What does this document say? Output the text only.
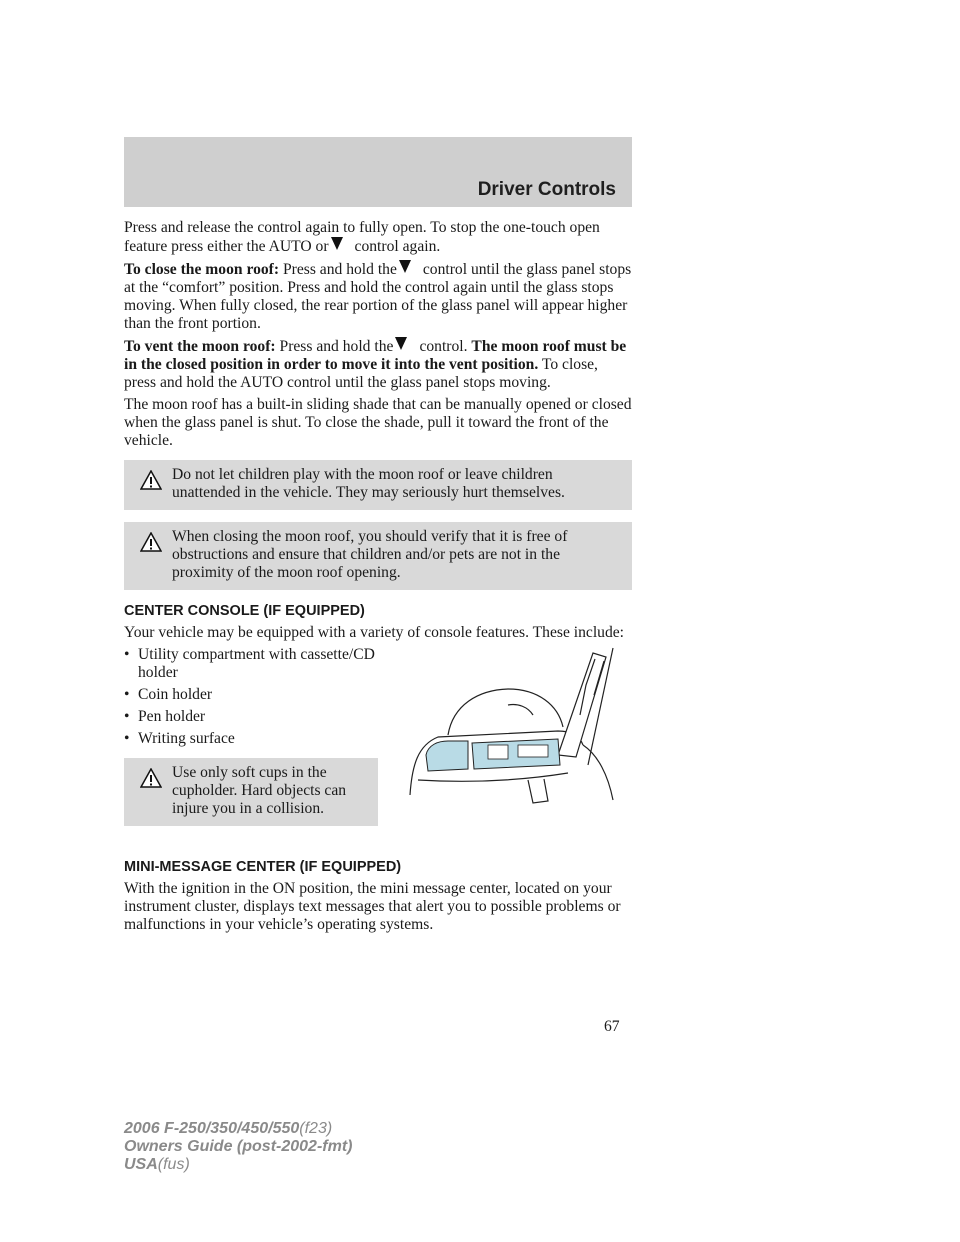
Driver Controls

Press and release the control again to fully open. To stop the one-touch open feature press either the AUTO or control again.

To close the moon roof: Press and hold the control until the glass panel stops at the “comfort” position. Press and hold the control again until the glass stops moving. When fully closed, the rear portion of the glass panel will appear higher than the front portion.

To vent the moon roof: Press and hold the control. The moon roof must be in the closed position in order to move it into the vent position. To close, press and hold the AUTO control until the glass panel stops moving.

The moon roof has a built-in sliding shade that can be manually opened or closed when the glass panel is shut. To close the shade, pull it toward the front of the vehicle.

Do not let children play with the moon roof or leave children unattended in the vehicle. They may seriously hurt themselves.
When closing the moon roof, you should verify that it is free of obstructions and ensure that children and/or pets are not in the proximity of the moon roof opening.
CENTER CONSOLE (IF EQUIPPED)

Your vehicle may be equipped with a variety of console features. These include:

• Utility compartment with cassette/CD holder
• Coin holder
• Pen holder
• Writing surface
Use only soft cups in the cupholder. Hard objects can injure you in a collision.
MINI-MESSAGE CENTER (IF EQUIPPED)

With the ignition in the ON position, the mini message center, located on your instrument cluster, displays text messages that alert you to possible problems or malfunctions in your vehicle’s operating systems.

67
2006 F-250/350/450/550(f23)
Owners Guide (post-2002-fmt)
USA(fus)
